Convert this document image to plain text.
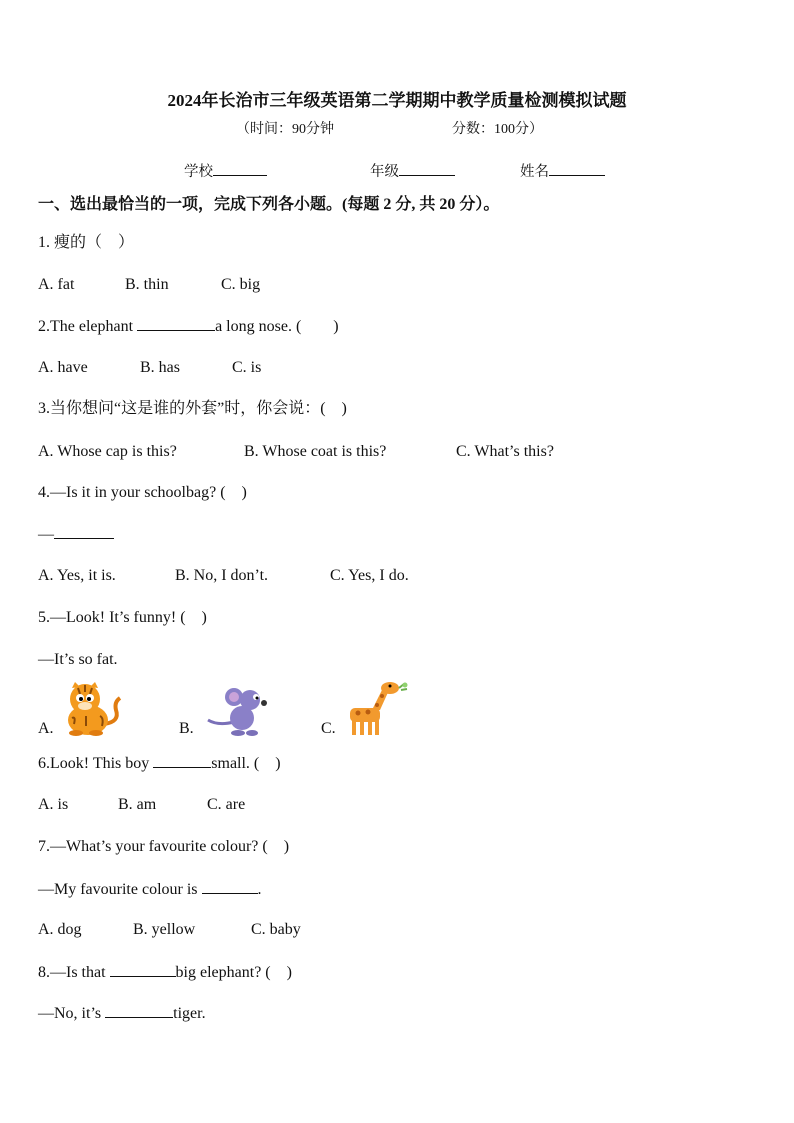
2024年长治市三年级英语第二学期期中教学质量检测模拟试题
（时间：90分钟	分数：100分）
学校	年级	姓名
一、选出最恰当的一项，完成下列各小题。(每题 2 分, 共 20 分）。
1. 瘦的（　）
A. fat	B. thin	C. big
2.The elephant	a long nose. (　　)
A. have	B. has	C. is
3.当你想问“这是谁的外套”时，你会说：(　)
A. Whose cap is this?	B. Whose coat is this?	C. What’s this?
4.—Is it in your schoolbag? (　)
—
A. Yes, it is.	B. No, I don’t.	C. Yes, I do.
5.—Look! It’s funny! (　)
—It’s so fat.
A.	B.	C.
6.Look! This boy	small. (　)
A. is	B. am	C. are
7.—What’s your favourite colour? (　)
—My favourite colour is	.
A. dog	B. yellow	C. baby
8.—Is that	big elephant? (　)
—No, it’s	tiger.
